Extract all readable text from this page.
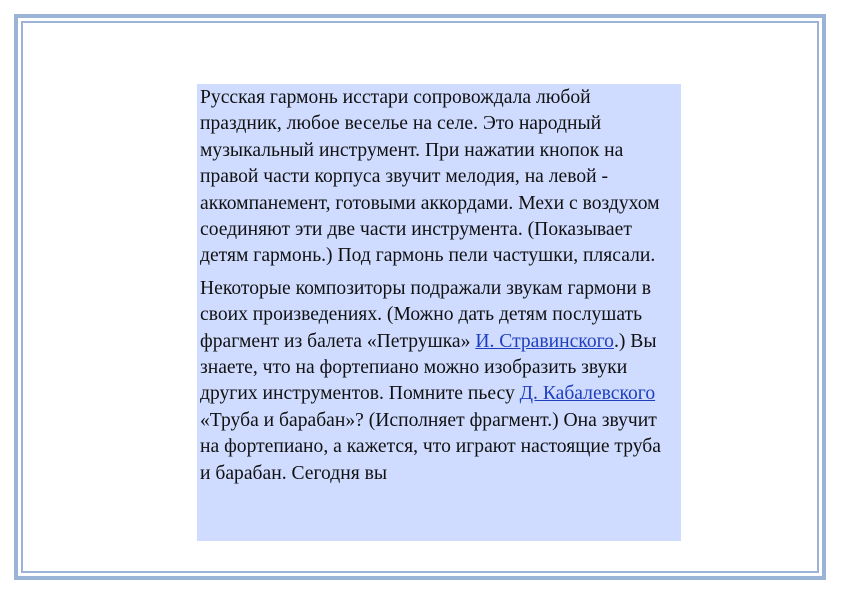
Русская гармонь исстари сопровождала любой праздник, любое веселье на селе. Это народный музыкальный инструмент. При нажатии кнопок на правой части корпуса звучит мелодия, на левой - аккомпанемент, готовыми аккордами. Мехи с воздухом соединяют эти две части инструмента. (Показывает детям гармонь.) Под гармонь пели частушки, плясали.

Некоторые композиторы подражали звукам гармони в своих произведениях. (Можно дать детям послушать фрагмент из балета «Петрушка» И. Стравинского.) Вы знаете, что на фортепиано можно изобразить звуки других инструментов. Помните пьесу Д. Кабалевского «Труба и барабан»? (Исполняет фрагмент.) Она звучит на фортепиано, а кажется, что играют настоящие труба и барабан. Сегодня вы
